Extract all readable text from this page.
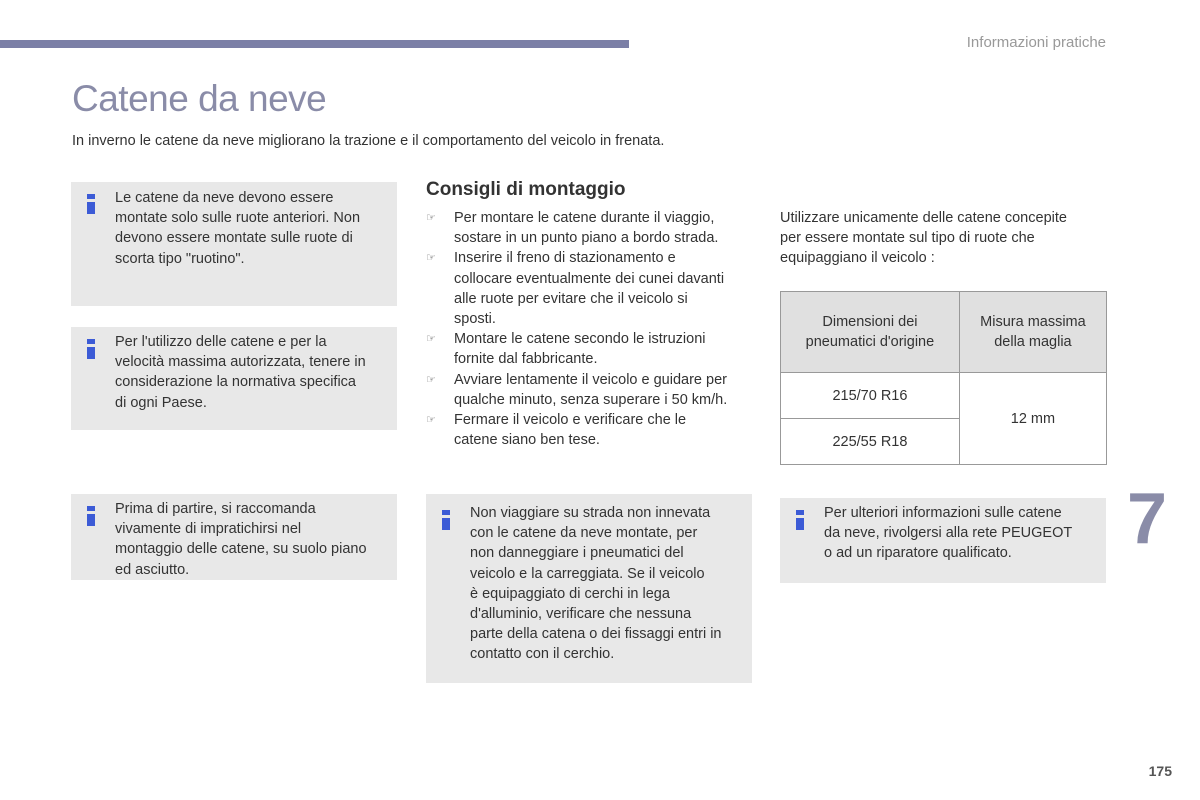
Informazioni pratiche
Catene da neve
In inverno le catene da neve migliorano la trazione e il comportamento del veicolo in frenata.
Le catene da neve devono essere
montate solo sulle ruote anteriori. Non
devono essere montate sulle ruote di
scorta tipo "ruotino".
Per l'utilizzo delle catene e per la
velocità massima autorizzata, tenere in
considerazione la normativa specifica
di ogni Paese.
Prima di partire, si raccomanda
vivamente di impratichirsi nel
montaggio delle catene, su suolo piano
ed asciutto.
Consigli di montaggio
☞ Per montare le catene durante il viaggio,
sostare in un punto piano a bordo strada.
☞ Inserire il freno di stazionamento e
collocare eventualmente dei cunei davanti
alle ruote per evitare che il veicolo si
sposti.
☞ Montare le catene secondo le istruzioni
fornite dal fabbricante.
☞ Avviare lentamente il veicolo e guidare per
qualche minuto, senza superare i 50 km/h.
☞ Fermare il veicolo e verificare che le
catene siano ben tese.
Non viaggiare su strada non innevata
con le catene da neve montate, per
non danneggiare i pneumatici del
veicolo e la carreggiata. Se il veicolo
è equipaggiato di cerchi in lega
d'alluminio, verificare che nessuna
parte della catena o dei fissaggi entri in
contatto con il cerchio.
Utilizzare unicamente delle catene concepite
per essere montate sul tipo di ruote che
equipaggiano il veicolo :
Dimensioni dei
pneumatici d'origine	Misura massima
della maglia
215/70 R16	12 mm
225/55 R18	
Per ulteriori informazioni sulle catene
da neve, rivolgersi alla rete PEUGEOT
o ad un riparatore qualificato.	7
175
